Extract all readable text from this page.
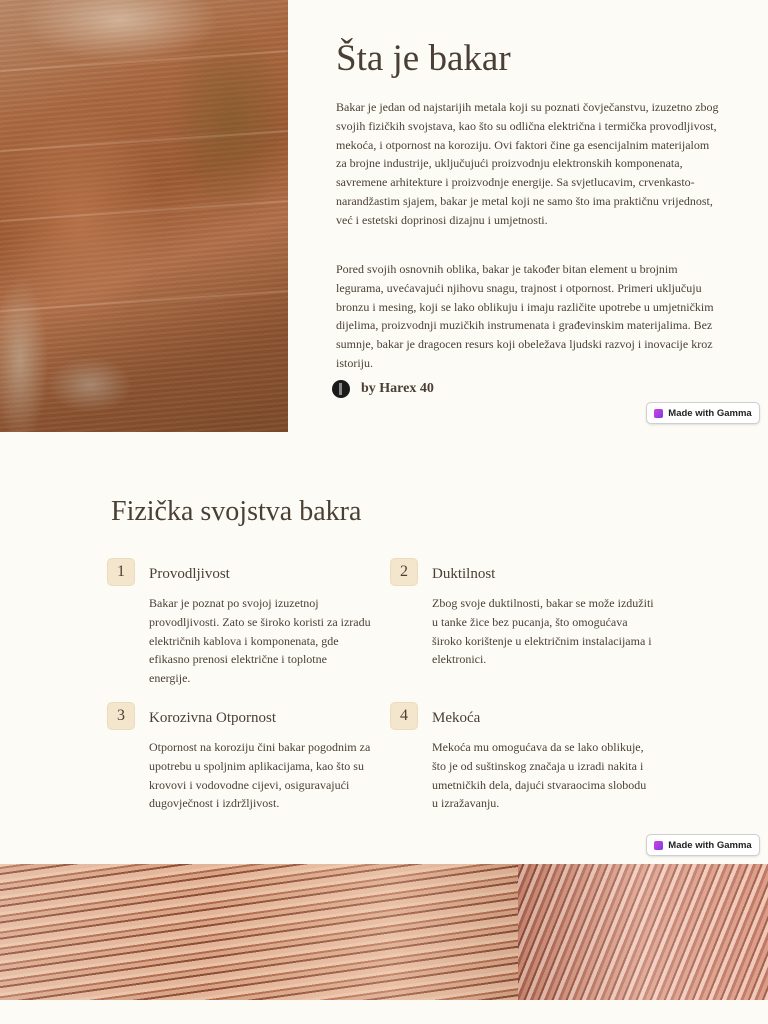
Šta je bakar

Bakar je jedan od najstarijih metala koji su poznati čovječanstvu, izuzetno zbog svojih fizičkih svojstava, kao što su odlična električna i termička provodljivost, mekoća, i otpornost na koroziju. Ovi faktori čine ga esencijalnim materijalom za brojne industrije, uključujući proizvodnju elektronskih komponenata, savremene arhitekture i proizvodnje energije. Sa svjetlucavim, crvenkasto-narandžastim sjajem, bakar je metal koji ne samo što ima praktičnu vrijednost, već i estetski doprinosi dizajnu i umjetnosti.

Pored svojih osnovnih oblika, bakar je također bitan element u brojnim legurama, uvećavajući njihovu snagu, trajnost i otpornost. Primeri uključuju bronzu i mesing, koji se lako oblikuju i imaju različite upotrebe u umjetničkim dijelima, proizvodnji muzičkih instrumenata i građevinskim materijalima. Bez sumnje, bakar je dragocen resurs koji obeležava ljudski razvoj i inovacije kroz istoriju.

by Harex 40
Made with Gamma
Fizička svojstva bakra
1	Provodljivost

Bakar je poznat po svojoj izuzetnoj provodljivosti. Zato se široko koristi za izradu električnih kablova i komponenata, gde efikasno prenosi električne i toplotne energije.

2	Duktilnost

Zbog svoje duktilnosti, bakar se može izdužiti u tanke žice bez pucanja, što omogućava široko korištenje u električnim instalacijama i elektronici.

3	Korozivna Otpornost

Otpornost na koroziju čini bakar pogodnim za upotrebu u spoljnim aplikacijama, kao što su krovovi i vodovodne cijevi, osiguravajući dugovječnost i izdržljivost.

4	Mekoća

Mekoća mu omogućava da se lako oblikuje, što je od suštinskog značaja u izradi nakita i umetničkih dela, dajući stvaraocima slobodu u izražavanju.

Made with Gamma
